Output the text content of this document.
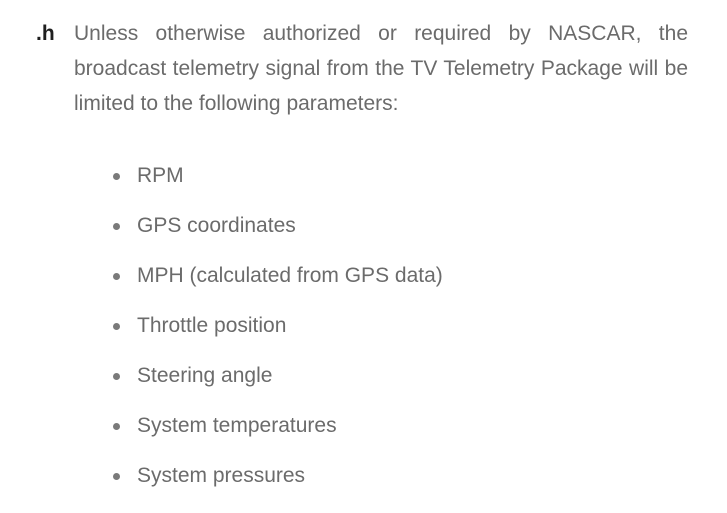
.h Unless otherwise authorized or required by NASCAR, the broadcast telemetry signal from the TV Telemetry Package will be limited to the following parameters:
RPM
GPS coordinates
MPH (calculated from GPS data)
Throttle position
Steering angle
System temperatures
System pressures
